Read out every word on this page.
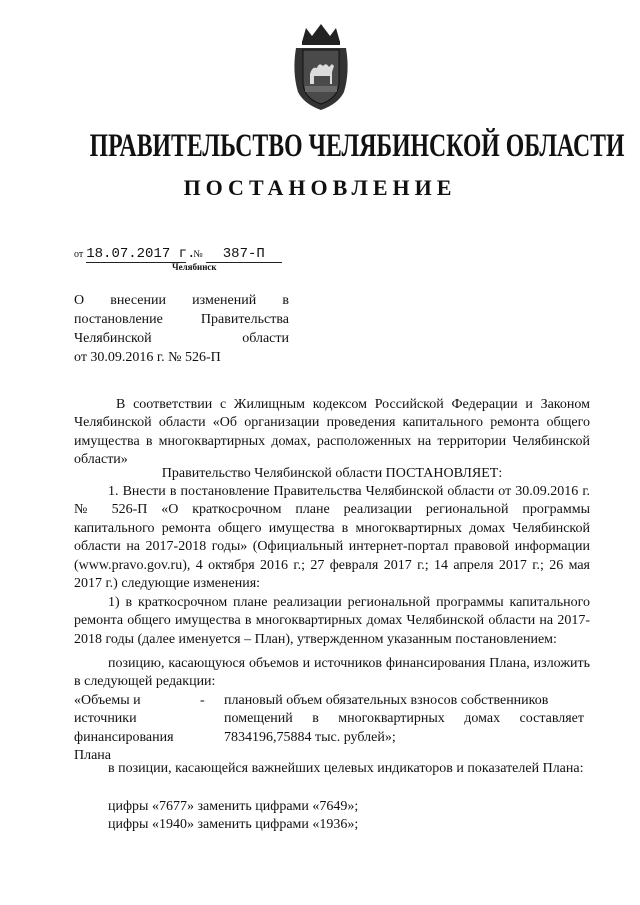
ПРАВИТЕЛЬСТВО ЧЕЛЯБИНСКОЙ ОБЛАСТИ
ПОСТАНОВЛЕНИЕ
от 18.07.2017 г. № 387-П
Челябинск
О внесении изменений в
постановление Правительства
Челябинской области
от 30.09.2016 г. № 526-П

В соответствии с Жилищным кодексом Российской Федерации и Законом Челябинской области «Об организации проведения капитального ремонта общего имущества в многоквартирных домах, расположенных на территории Челябинской области»

Правительство Челябинской области ПОСТАНОВЛЯЕТ:

1. Внести в постановление Правительства Челябинской области от 30.09.2016 г. № 526-П «О краткосрочном плане реализации региональной программы капитального ремонта общего имущества в многоквартирных домах Челябинской области на 2017-2018 годы» (Официальный интернет-портал правовой информации (www.pravo.gov.ru), 4 октября 2016 г.; 27 февраля 2017 г.; 14 апреля 2017 г.; 26 мая 2017 г.) следующие изменения:

1) в краткосрочном плане реализации региональной программы капитального ремонта общего имущества в многоквартирных домах Челябинской области на 2017-2018 годы (далее именуется – План), утвержденном указанным постановлением:

позицию, касающуюся объемов и источников финансирования Плана, изложить в следующей редакции:

«Объемы и
источники
финансирования
Плана
- плановый объем обязательных взносов собственников
помещений в многоквартирных домах составляет
7834196,75884 тыс. рублей»;

в позиции, касающейся важнейших целевых индикаторов и показателей Плана:

цифры «7677» заменить цифрами «7649»;

цифры «1940» заменить цифрами «1936»;
